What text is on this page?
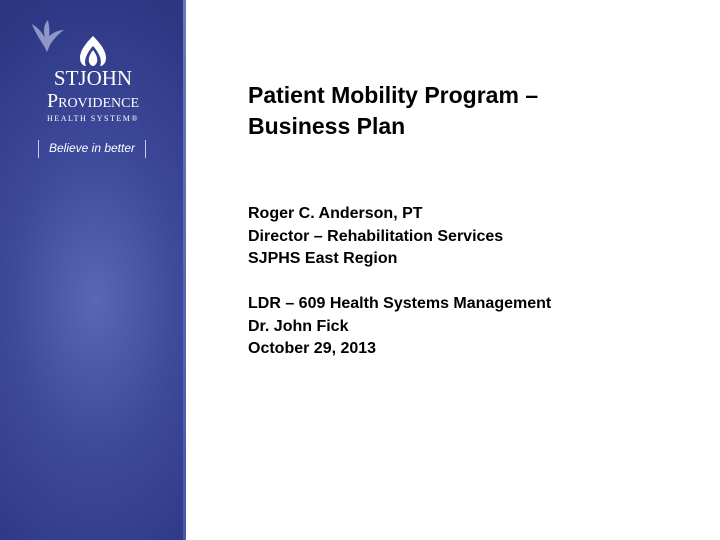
STJOHN
Providence
HEALTH SYSTEM®
Believe in better
Patient Mobility Program –
Business Plan
Roger C. Anderson, PT
Director – Rehabilitation Services
SJPHS East Region
LDR – 609 Health Systems Management
Dr. John Fick
October 29, 2013
